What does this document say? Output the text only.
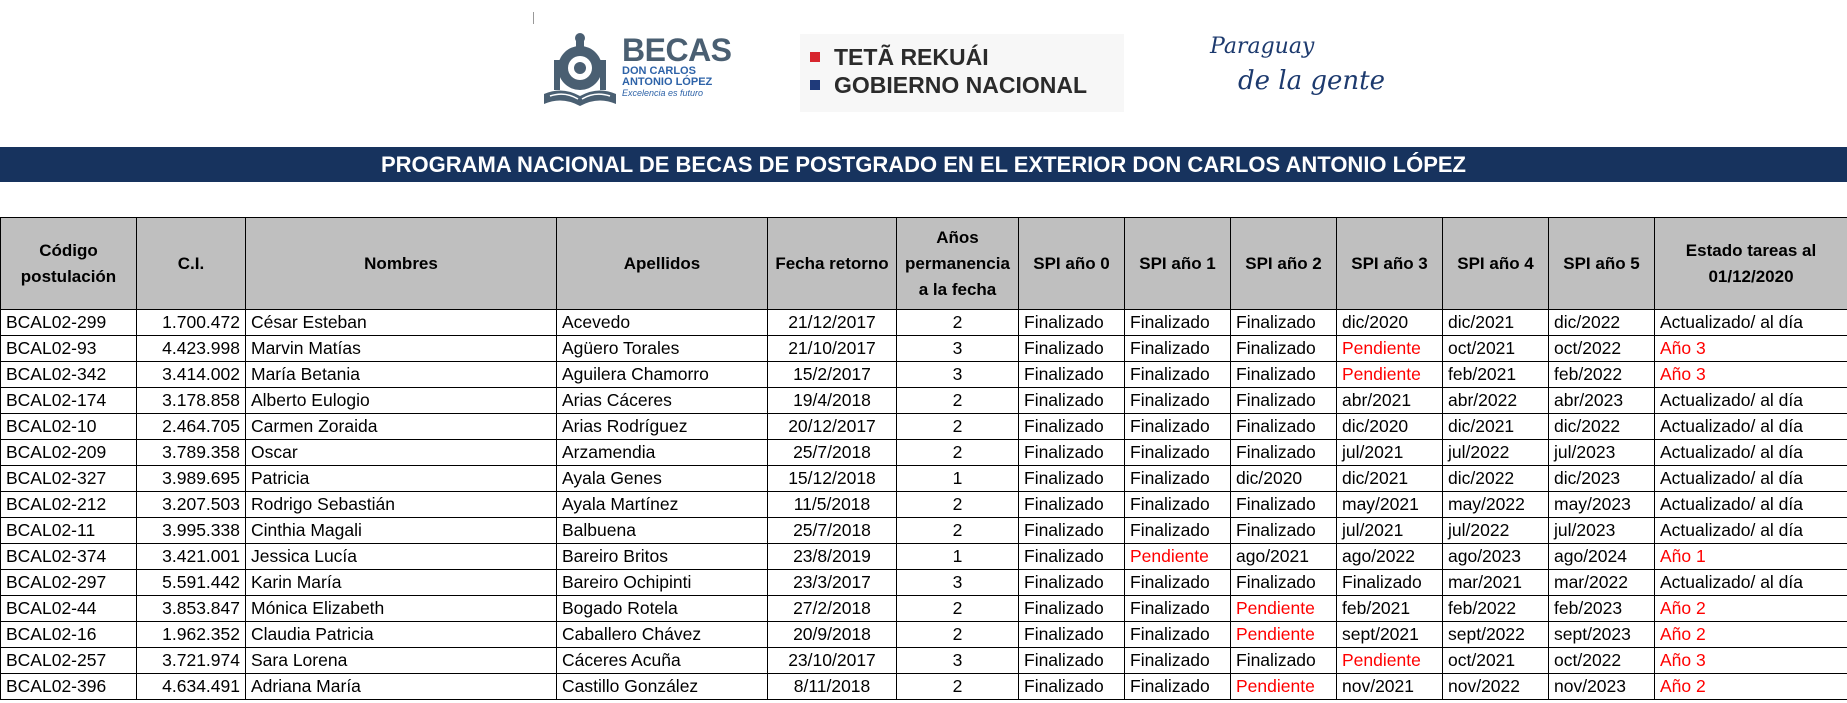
BECAS
DON CARLOS
ANTONIO LÓPEZ
Excelencia es futuro
TETÃ REKUÁI
GOBIERNO NACIONAL
Paraguay
de la gente
PROGRAMA NACIONAL DE BECAS DE POSTGRADO EN EL EXTERIOR DON CARLOS ANTONIO LÓPEZ
Código postulación	C.I.	Nombres	Apellidos	Fecha retorno	Años permanencia a la fecha	SPI año 0	SPI año 1	SPI año 2	SPI año 3	SPI año 4	SPI año 5	Estado tareas al 01/12/2020
BCAL02-299	1.700.472	César Esteban	Acevedo	21/12/2017	2	Finalizado	Finalizado	Finalizado	dic/2020	dic/2021	dic/2022	Actualizado/ al día
BCAL02-93	4.423.998	Marvin Matías	Agüero Torales	21/10/2017	3	Finalizado	Finalizado	Finalizado	Pendiente	oct/2021	oct/2022	Año 3
BCAL02-342	3.414.002	María Betania	Aguilera Chamorro	15/2/2017	3	Finalizado	Finalizado	Finalizado	Pendiente	feb/2021	feb/2022	Año 3
BCAL02-174	3.178.858	Alberto Eulogio	Arias Cáceres	19/4/2018	2	Finalizado	Finalizado	Finalizado	abr/2021	abr/2022	abr/2023	Actualizado/ al día
BCAL02-10	2.464.705	Carmen Zoraida	Arias Rodríguez	20/12/2017	2	Finalizado	Finalizado	Finalizado	dic/2020	dic/2021	dic/2022	Actualizado/ al día
BCAL02-209	3.789.358	Oscar	Arzamendia	25/7/2018	2	Finalizado	Finalizado	Finalizado	jul/2021	jul/2022	jul/2023	Actualizado/ al día
BCAL02-327	3.989.695	Patricia	Ayala Genes	15/12/2018	1	Finalizado	Finalizado	dic/2020	dic/2021	dic/2022	dic/2023	Actualizado/ al día
BCAL02-212	3.207.503	Rodrigo Sebastián	Ayala Martínez	11/5/2018	2	Finalizado	Finalizado	Finalizado	may/2021	may/2022	may/2023	Actualizado/ al día
BCAL02-11	3.995.338	Cinthia Magali	Balbuena	25/7/2018	2	Finalizado	Finalizado	Finalizado	jul/2021	jul/2022	jul/2023	Actualizado/ al día
BCAL02-374	3.421.001	Jessica Lucía	Bareiro Britos	23/8/2019	1	Finalizado	Pendiente	ago/2021	ago/2022	ago/2023	ago/2024	Año 1
BCAL02-297	5.591.442	Karin María	Bareiro Ochipinti	23/3/2017	3	Finalizado	Finalizado	Finalizado	Finalizado	mar/2021	mar/2022	Actualizado/ al día
BCAL02-44	3.853.847	Mónica Elizabeth	Bogado Rotela	27/2/2018	2	Finalizado	Finalizado	Pendiente	feb/2021	feb/2022	feb/2023	Año 2
BCAL02-16	1.962.352	Claudia Patricia	Caballero Chávez	20/9/2018	2	Finalizado	Finalizado	Pendiente	sept/2021	sept/2022	sept/2023	Año 2
BCAL02-257	3.721.974	Sara Lorena	Cáceres Acuña	23/10/2017	3	Finalizado	Finalizado	Finalizado	Pendiente	oct/2021	oct/2022	Año 3
BCAL02-396	4.634.491	Adriana María	Castillo González	8/11/2018	2	Finalizado	Finalizado	Pendiente	nov/2021	nov/2022	nov/2023	Año 2
